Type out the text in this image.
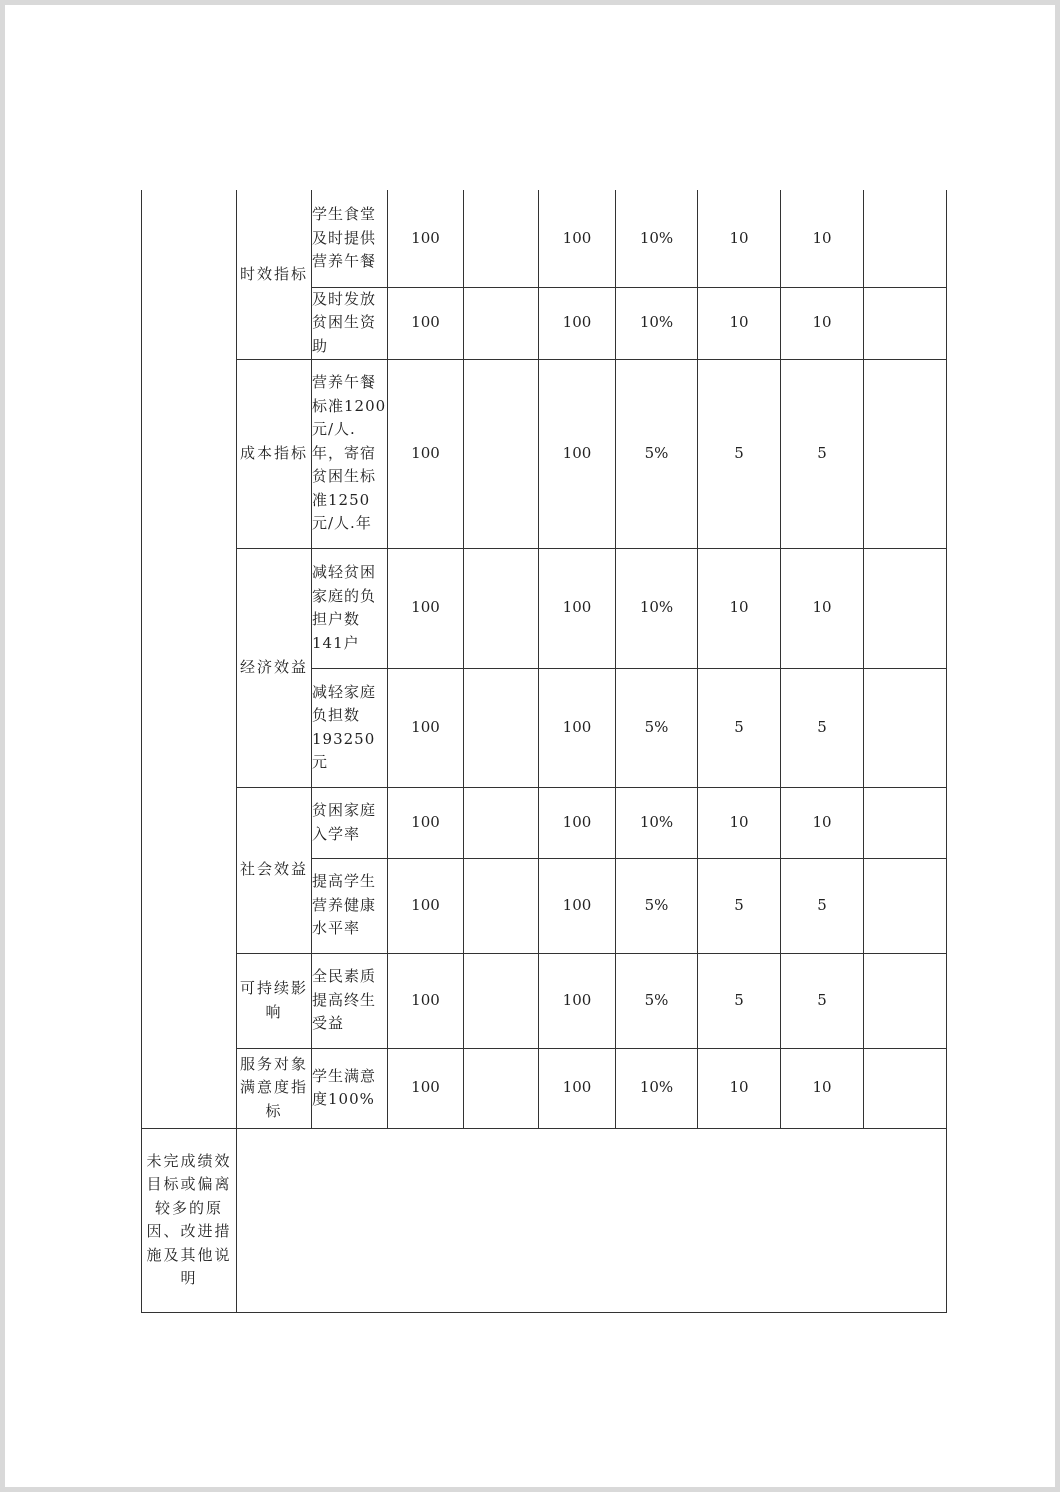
	时效指标	学生食堂及时提供营养午餐	100		100	10%	10	10	
		及时发放贫困生资助	100		100	10%	10	10	
	成本指标	营养午餐标准1200元/人.年，寄宿贫困生标准1250元/人.年	100		100	5%	5	5	
	经济效益	减轻贫困家庭的负担户数141户	100		100	10%	10	10	
		减轻家庭负担数193250元	100		100	5%	5	5	
	社会效益	贫困家庭入学率	100		100	10%	10	10	
		提高学生营养健康水平率	100		100	5%	5	5	
	可持续影响	全民素质提高终生受益	100		100	5%	5	5	
	服务对象满意度指标	学生满意度100%	100		100	10%	10	10	
未完成绩效目标或偏离较多的原因、改进措施及其他说明									
